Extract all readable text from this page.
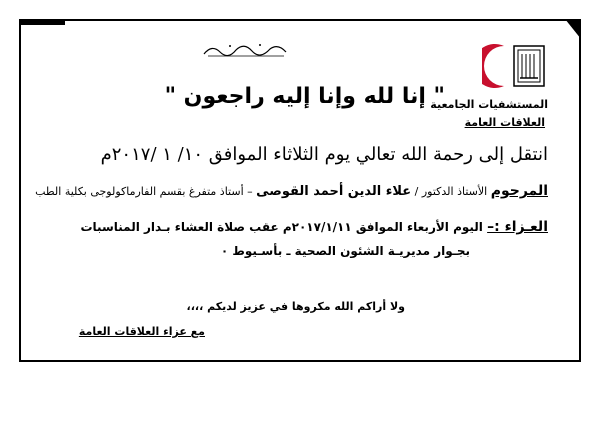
" إنا لله وإنا إليه راجعون "
المستشفيات الجامعية
العلاقات العامة
انتقل إلى رحمة الله تعالي يوم الثلاثاء الموافق ١٠/ ١ /٢٠١٧م
المرحوم الأستاذ الدكتور / علاء الدين أحمد القوصى – أستاذ متفرغ بقسم الفارماكولوجى بكلية الطب
العـزاء :– اليوم الأربعاء الموافق ٢٠١٧/١/١١م عقب صلاة العشاء بـدار المناسبات
بجـوار مديريـة الشئون الصحية ـ بأسـيوط ٠
ولا أراكم الله مكروها في عزيز لديكم ،،،،
مع عزاء العلاقات العامة
